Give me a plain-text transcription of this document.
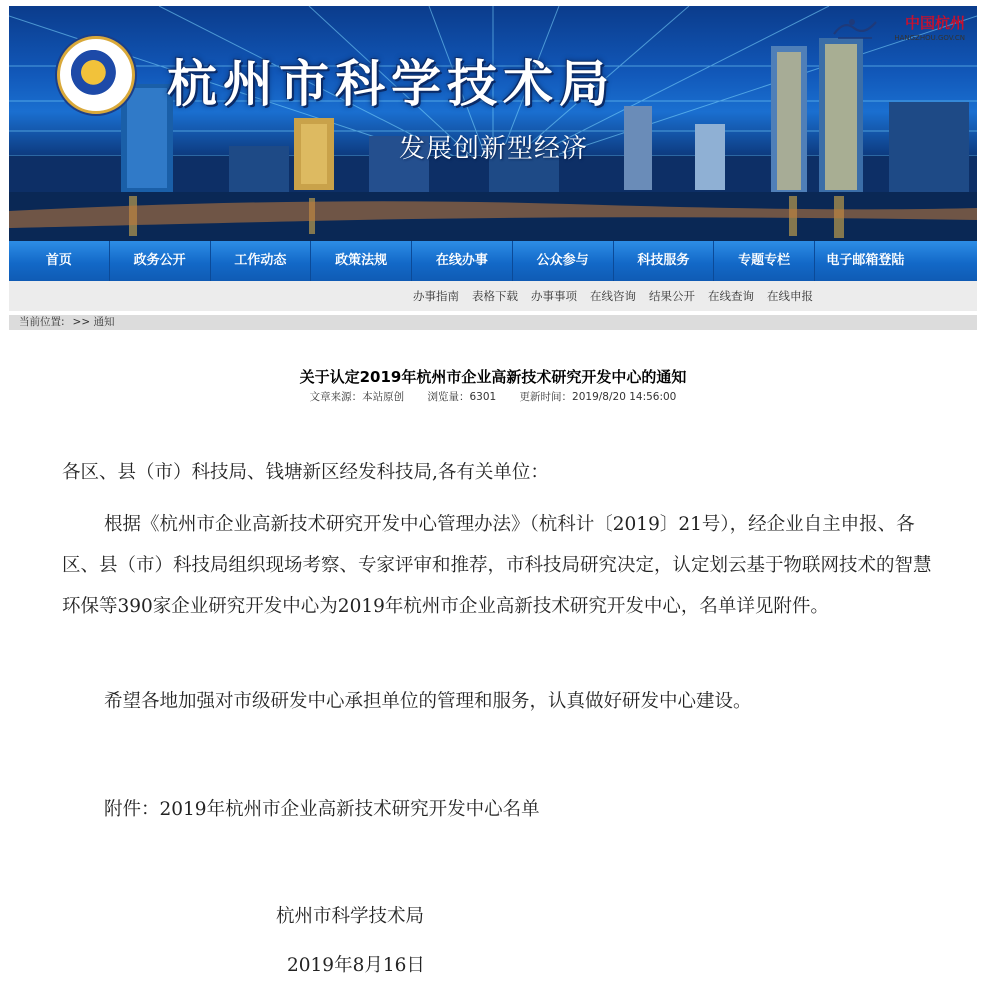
杭州市科学技术局
发展创新型经济
中国杭州
HANGZHOU.GOV.CN
首页	政务公开	工作动态	政策法规	在线办事	公众参与	科技服务	专题专栏	电子邮箱登陆
办事指南 表格下载 办事事项 在线咨询 结果公开 在线查询 在线申报
当前位置: >> 通知
关于认定2019年杭州市企业高新技术研究开发中心的通知
文章来源：本站原创 浏览量：6301 更新时间：2019/8/20 14:56:00
各区、县（市）科技局、钱塘新区经发科技局,各有关单位：

根据《杭州市企业高新技术研究开发中心管理办法》（杭科计〔2019〕21号），经企业自主申报、各区、县（市）科技局组织现场考察、专家评审和推荐，市科技局研究决定，认定划云基于物联网技术的智慧环保等390家企业研究开发中心为2019年杭州市企业高新技术研究开发中心，名单详见附件。

希望各地加强对市级研发中心承担单位的管理和服务，认真做好研发中心建设。
附件：2019年杭州市企业高新技术研究开发中心名单
杭州市科学技术局
2019年8月16日
